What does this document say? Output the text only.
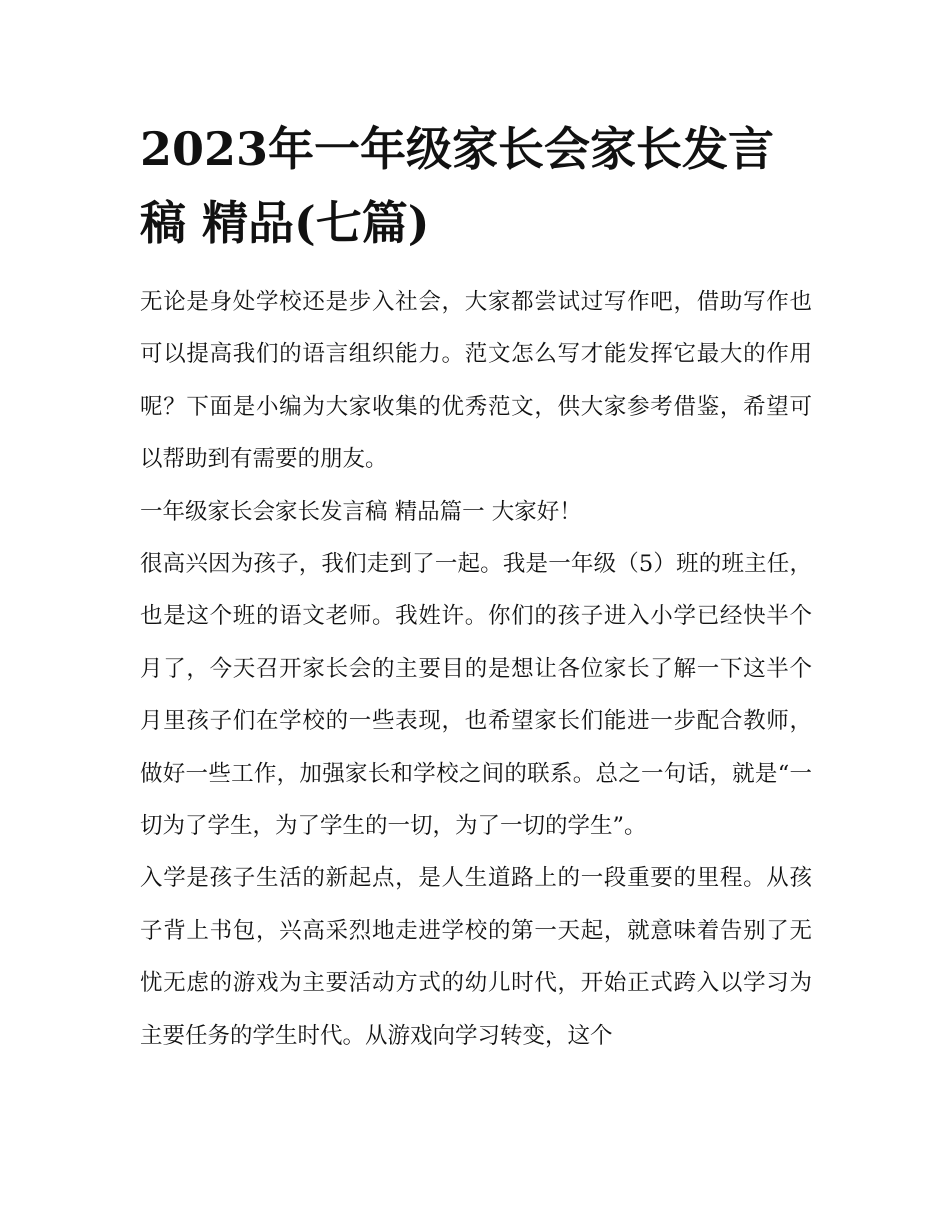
2023年一年级家长会家长发言稿 精品(七篇)

无论是身处学校还是步入社会，大家都尝试过写作吧，借助写作也可以提高我们的语言组织能力。范文怎么写才能发挥它最大的作用呢？下面是小编为大家收集的优秀范文，供大家参考借鉴，希望可以帮助到有需要的朋友。

一年级家长会家长发言稿 精品篇一 大家好！

很高兴因为孩子，我们走到了一起。我是一年级（5）班的班主任，也是这个班的语文老师。我姓许。你们的孩子进入小学已经快半个月了，今天召开家长会的主要目的是想让各位家长了解一下这半个月里孩子们在学校的一些表现，也希望家长们能进一步配合教师，做好一些工作，加强家长和学校之间的联系。总之一句话，就是“一切为了学生，为了学生的一切，为了一切的学生”。

入学是孩子生活的新起点，是人生道路上的一段重要的里程。从孩子背上书包，兴高采烈地走进学校的第一天起，就意味着告别了无忧无虑的游戏为主要活动方式的幼儿时代，开始正式跨入以学习为主要任务的学生时代。从游戏向学习转变，这个
